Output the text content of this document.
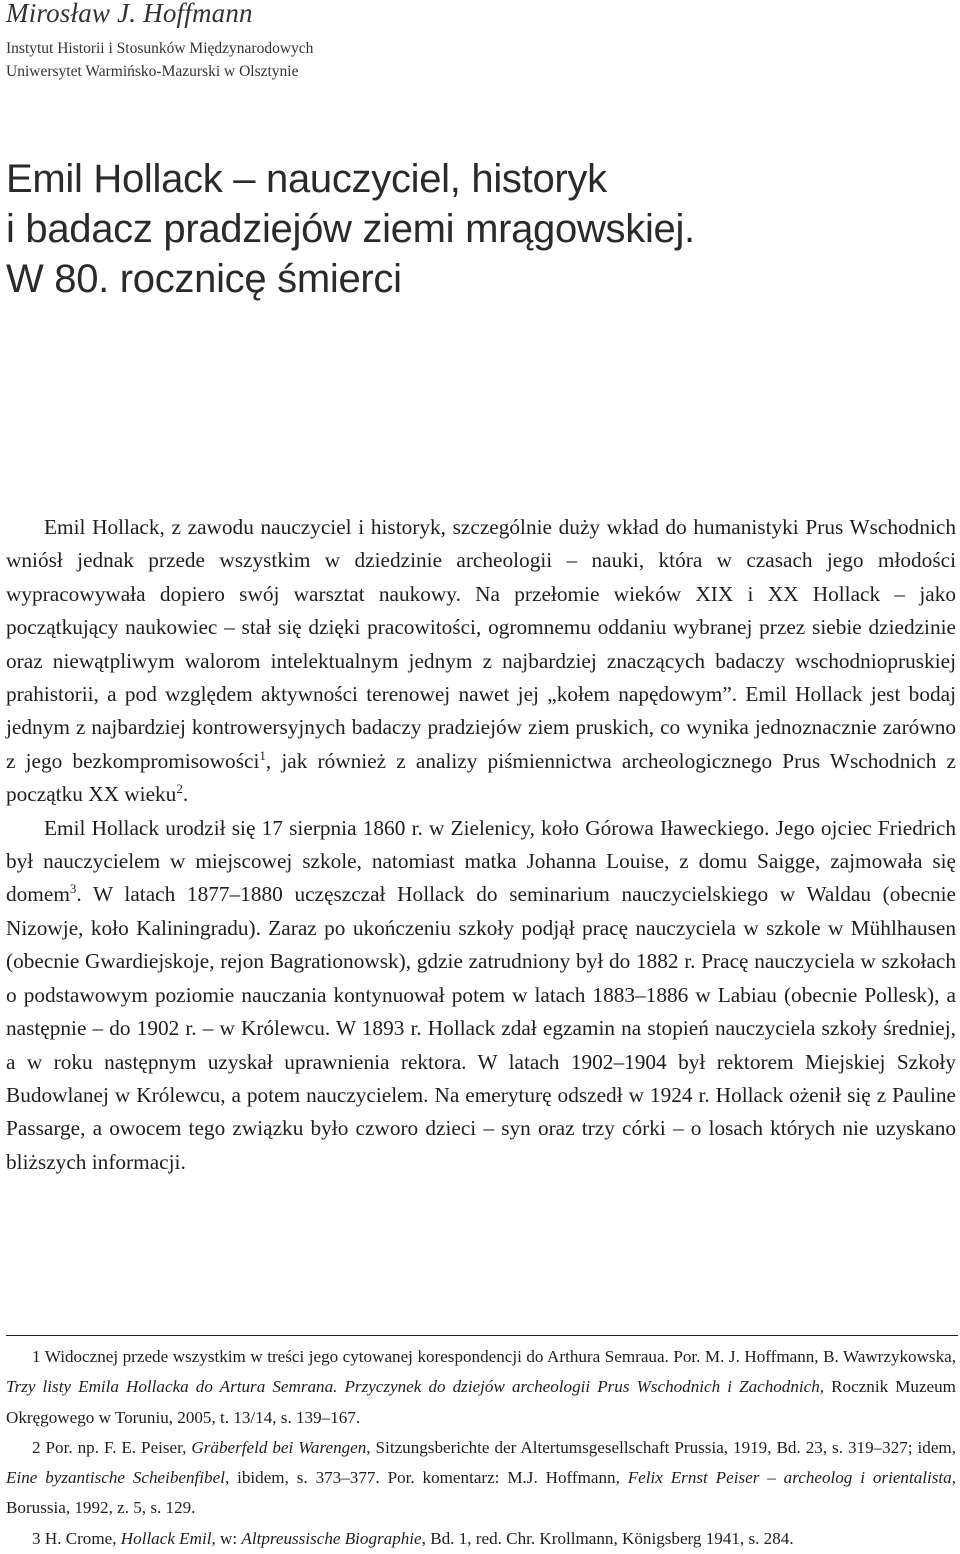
Mirosław J. Hoffmann
Instytut Historii i Stosunków Międzynarodowych
Uniwersytet Warmińsko-Mazurski w Olsztynie
Emil Hollack – nauczyciel, historyk
i badacz pradziejów ziemi mrągowskiej.
W 80. rocznicę śmierci

Emil Hollack, z zawodu nauczyciel i historyk, szczególnie duży wkład do humanistyki Prus Wschodnich wniósł jednak przede wszystkim w dziedzinie archeologii – nauki, która w czasach jego młodości wypracowywała dopiero swój warsztat naukowy. Na przełomie wieków XIX i XX Hollack – jako początkujący naukowiec – stał się dzięki pracowitości, ogromnemu oddaniu wybranej przez siebie dziedzinie oraz niewątpliwym walorom intelektualnym jednym z najbardziej znaczących badaczy wschodniopruskiej prahistorii, a pod względem aktywności terenowej nawet jej „kołem napędowym”. Emil Hollack jest bodaj jednym z najbardziej kontrowersyjnych badaczy pradziejów ziem pruskich, co wynika jednoznacznie zarówno z jego bezkompromisowości$^1$, jak również z analizy piśmiennictwa archeologicznego Prus Wschodnich z początku XX wieku$^2$.

Emil Hollack urodził się 17 sierpnia 1860 r. w Zielenicy, koło Górowa Iławeckiego. Jego ojciec Friedrich był nauczycielem w miejscowej szkole, natomiast matka Johanna Louise, z domu Saigge, zajmowała się domem$^3$. W latach 1877–1880 uczęszczał Hollack do seminarium nauczycielskiego w Waldau (obecnie Nizowje, koło Kaliningradu). Zaraz po ukończeniu szkoły podjął pracę nauczyciela w szkole w Mühlhausen (obecnie Gwardiejskoje, rejon Bagrationowsk), gdzie zatrudniony był do 1882 r. Pracę nauczyciela w szkołach o podstawowym poziomie nauczania kontynuował potem w latach 1883–1886 w Labiau (obecnie Pollesk), a następnie – do 1902 r. – w Królewcu. W 1893 r. Hollack zdał egzamin na stopień nauczyciela szkoły średniej, a w roku następnym uzyskał uprawnienia rektora. W latach 1902–1904 był rektorem Miejskiej Szkoły Budowlanej w Królewcu, a potem nauczycielem. Na emeryturę odszedł w 1924 r. Hollack ożenił się z Pauline Passarge, a owocem tego związku było czworo dzieci – syn oraz trzy córki – o losach których nie uzyskano bliższych informacji.

1 Widocznej przede wszystkim w treści jego cytowanej korespondencji do Arthura Semraua. Por. M. J. Hoffmann, B. Wawrzykowska, Trzy listy Emila Hollacka do Artura Semrana. Przyczynek do dziejów archeologii Prus Wschodnich i Zachodnich, Rocznik Muzeum Okręgowego w Toruniu, 2005, t. 13/14, s. 139–167.

2 Por. np. F. E. Peiser, Gräberfeld bei Warengen, Sitzungsberichte der Altertumsgesellschaft Prussia, 1919, Bd. 23, s. 319–327; idem, Eine byzantische Scheibenfibel, ibidem, s. 373–377. Por. komentarz: M.J. Hoffmann, Felix Ernst Peiser – archeolog i orientalista, Borussia, 1992, z. 5, s. 129.

3 H. Crome, Hollack Emil, w: Altpreussische Biographie, Bd. 1, red. Chr. Krollmann, Königsberg 1941, s. 284.
